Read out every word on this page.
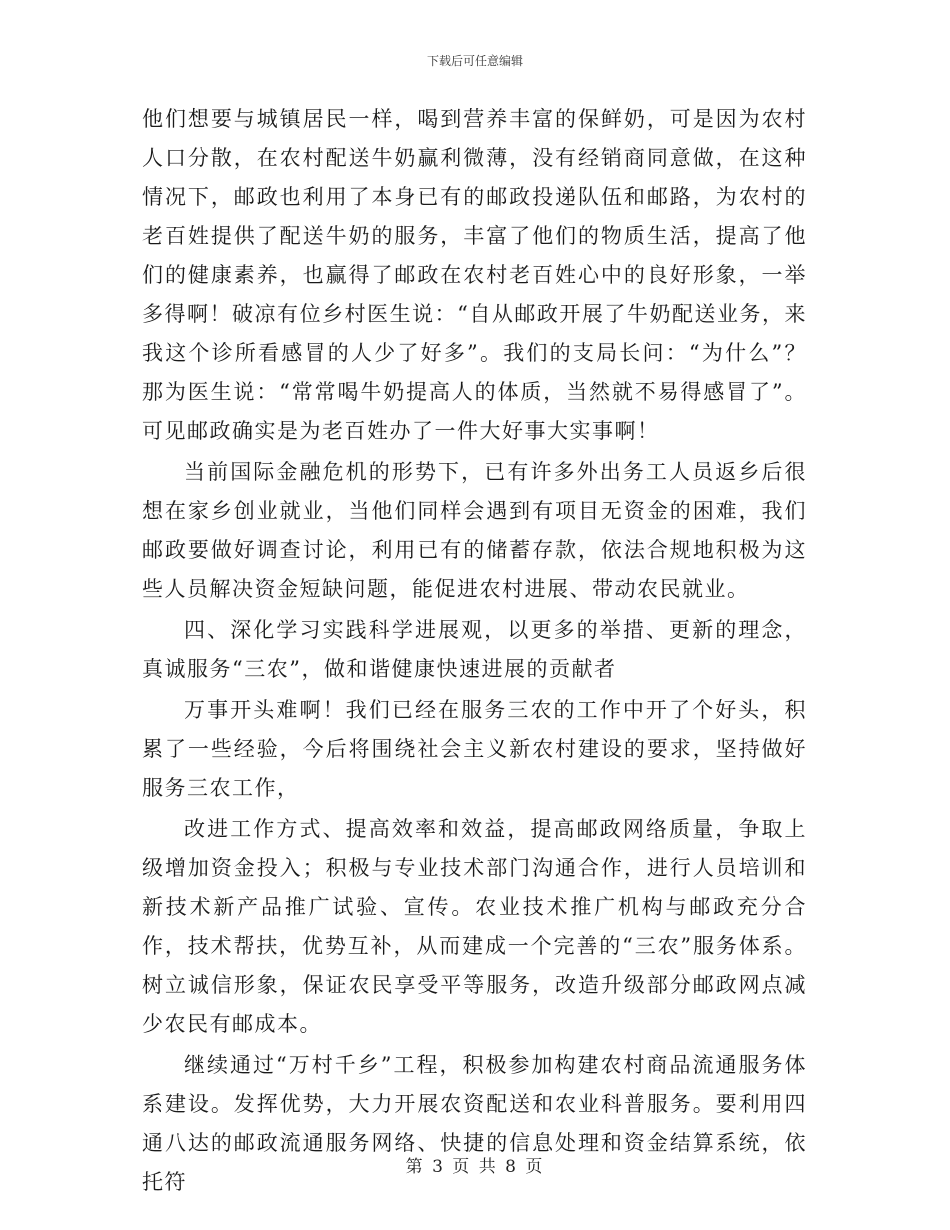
下载后可任意编辑

他们想要与城镇居民一样，喝到营养丰富的保鲜奶，可是因为农村人口分散，在农村配送牛奶赢利微薄，没有经销商同意做，在这种情况下，邮政也利用了本身已有的邮政投递队伍和邮路，为农村的老百姓提供了配送牛奶的服务，丰富了他们的物质生活，提高了他们的健康素养，也赢得了邮政在农村老百姓心中的良好形象，一举多得啊！破凉有位乡村医生说：“自从邮政开展了牛奶配送业务，来我这个诊所看感冒的人少了好多”。我们的支局长问：“为什么”？那为医生说：“常常喝牛奶提高人的体质，当然就不易得感冒了”。可见邮政确实是为老百姓办了一件大好事大实事啊！

当前国际金融危机的形势下，已有许多外出务工人员返乡后很想在家乡创业就业，当他们同样会遇到有项目无资金的困难，我们邮政要做好调查讨论，利用已有的储蓄存款，依法合规地积极为这些人员解决资金短缺问题，能促进农村进展、带动农民就业。

四、深化学习实践科学进展观，以更多的举措、更新的理念，真诚服务“三农”，做和谐健康快速进展的贡献者

万事开头难啊！我们已经在服务三农的工作中开了个好头，积累了一些经验，今后将围绕社会主义新农村建设的要求，坚持做好服务三农工作，

改进工作方式、提高效率和效益，提高邮政网络质量，争取上级增加资金投入；积极与专业技术部门沟通合作，进行人员培训和新技术新产品推广试验、宣传。农业技术推广机构与邮政充分合作，技术帮扶，优势互补，从而建成一个完善的“三农”服务体系。树立诚信形象，保证农民享受平等服务，改造升级部分邮政网点减少农民有邮成本。

继续通过“万村千乡”工程，积极参加构建农村商品流通服务体系建设。发挥优势，大力开展农资配送和农业科普服务。要利用四通八达的邮政流通服务网络、快捷的信息处理和资金结算系统，依托符

第 3 页 共 8 页
